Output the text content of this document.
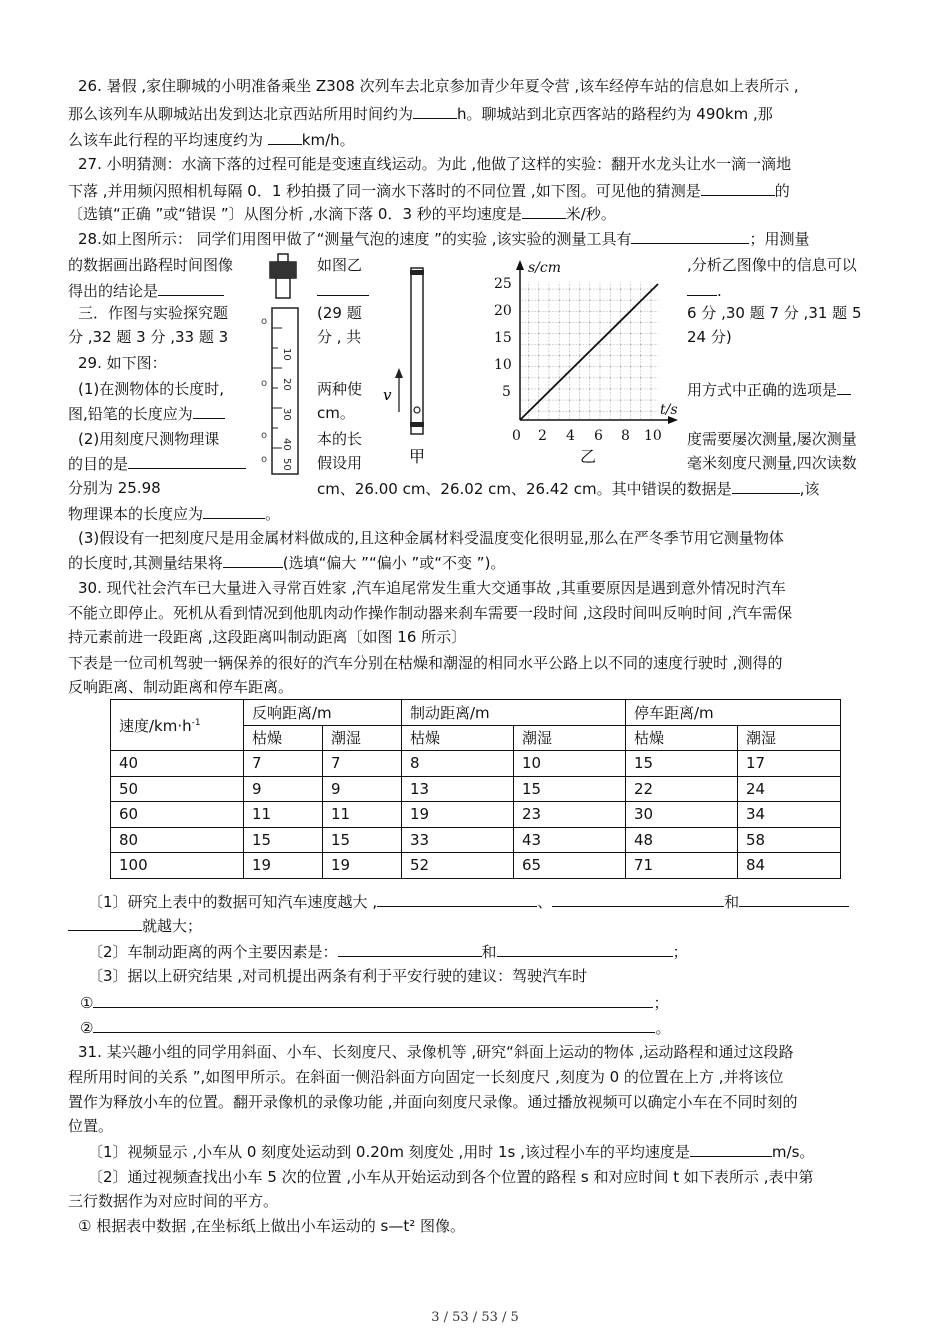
26. 暑假 ,家住聊城的小明准备乘坐 Z308 次列车去北京参加青少年夏令营 ,该车经停车站的信息如上表所示 ,
那么该列车从聊城站出发到达北京西站所用时间约为	h。聊城站到北京西客站的路程约为 490km ,那
么该车此行程的平均速度约为 km/h。
27. 小明猜测：水滴下落的过程可能是变速直线运动。为此 ,他做了这样的实验：翻开水龙头让水一滴一滴地
下落 ,并用频闪照相机每隔 0．1 秒拍摄了同一滴水下落时的不同位置 ,如下图。可见他的猜测是	的
〔选镇“正确 ”或“错误 ”〕从图分析 ,水滴下落 0．3 秒的平均速度是	米/秒。
28.如上图所示： 同学们用图甲做了“测量气泡的速度 ”的实验 ,该实验的测量工具有	；用测量
的数据画出路程时间图像	如图乙	,分析乙图像中的信息可以
得出的结论是	.
三．作图与实验探究题	(29 题	6 分 ,30 题 7 分 ,31 题 5
分 ,32 题 3 分 ,33 题 3	分 , 共	24 分)
29. 如下图：
(1)在测物体的长度时,	两种使	用方式中正确的选项是
图,铅笔的长度应为	cm。
(2)用刻度尺测物理课	本的长	度需要屡次测量,屡次测量
的目的是	假设用	毫米刻度尺测量,四次读数
分别为 25.98	cm、26.00 cm、26.02 cm、26.42 cm。其中错误的数据是	,该
物理课本的长度应为	。
(3)假设有一把刻度尺是用金属材料做成的,且这种金属材料受温度变化很明显,那么在严冬季节用它测量物体
的长度时,其测量结果将	(选填“偏大 ”“偏小 ”或“不变 ”)。
o
o
o
o
10
20
30
40
50
v
甲
25
20
15
10
5
0 2 4 6 8 10
s/cm
t/s
乙
30. 现代社会汽车已大量进入寻常百姓家 ,汽车追尾常发生重大交通事故 ,其重要原因是遇到意外情况时汽车
不能立即停止。死机从看到情况到他肌肉动作操作制动器来刹车需要一段时间 ,这段时间叫反响时间 ,汽车需保
持元素前进一段距离 ,这段距离叫制动距离〔如图 16 所示〕
下表是一位司机驾驶一辆保养的很好的汽车分别在枯燥和潮湿的相同水平公路上以不同的速度行驶时 ,测得的
反响距离、制动距离和停车距离。
速度$/km\cdot h^{-1}$	反响距离/m		制动距离/m		停车距离/m	
	枯燥	潮湿	枯燥	潮湿	枯燥	潮湿
40	7	7	8	10	15	17
50	9	9	13	15	22	24
60	11	11	19	23	30	34
80	15	15	33	43	48	58
100	19	19	52	65	71	84
〔1〕研究上表中的数据可知汽车速度越大 ,	、	和
就越大；
〔2〕车制动距离的两个主要因素是：	和	；
〔3〕据以上研究结果 ,对司机提出两条有利于平安行驶的建议：驾驶汽车时
①	；
②	。
31. 某兴趣小组的同学用斜面、小车、长刻度尺、录像机等 ,研究“斜面上运动的物体 ,运动路程和通过这段路
程所用时间的关系 ”,如图甲所示。在斜面一侧沿斜面方向固定一长刻度尺 ,刻度为 0 的位置在上方 ,并将该位
置作为释放小车的位置。翻开录像机的录像功能 ,并面向刻度尺录像。通过播放视频可以确定小车在不同时刻的
位置。
〔1〕视频显示 ,小车从 0 刻度处运动到 0.20m 刻度处 ,用时 1s ,该过程小车的平均速度是	m/s。
〔2〕通过视频查找出小车 5 次的位置 ,小车从开始运动到各个位置的路程 s 和对应时间 t 如下表所示 ,表中第
三行数据作为对应时间的平方。
① 根据表中数据 ,在坐标纸上做出小车运动的 s—t² 图像。
3 / 53 / 53 / 5
